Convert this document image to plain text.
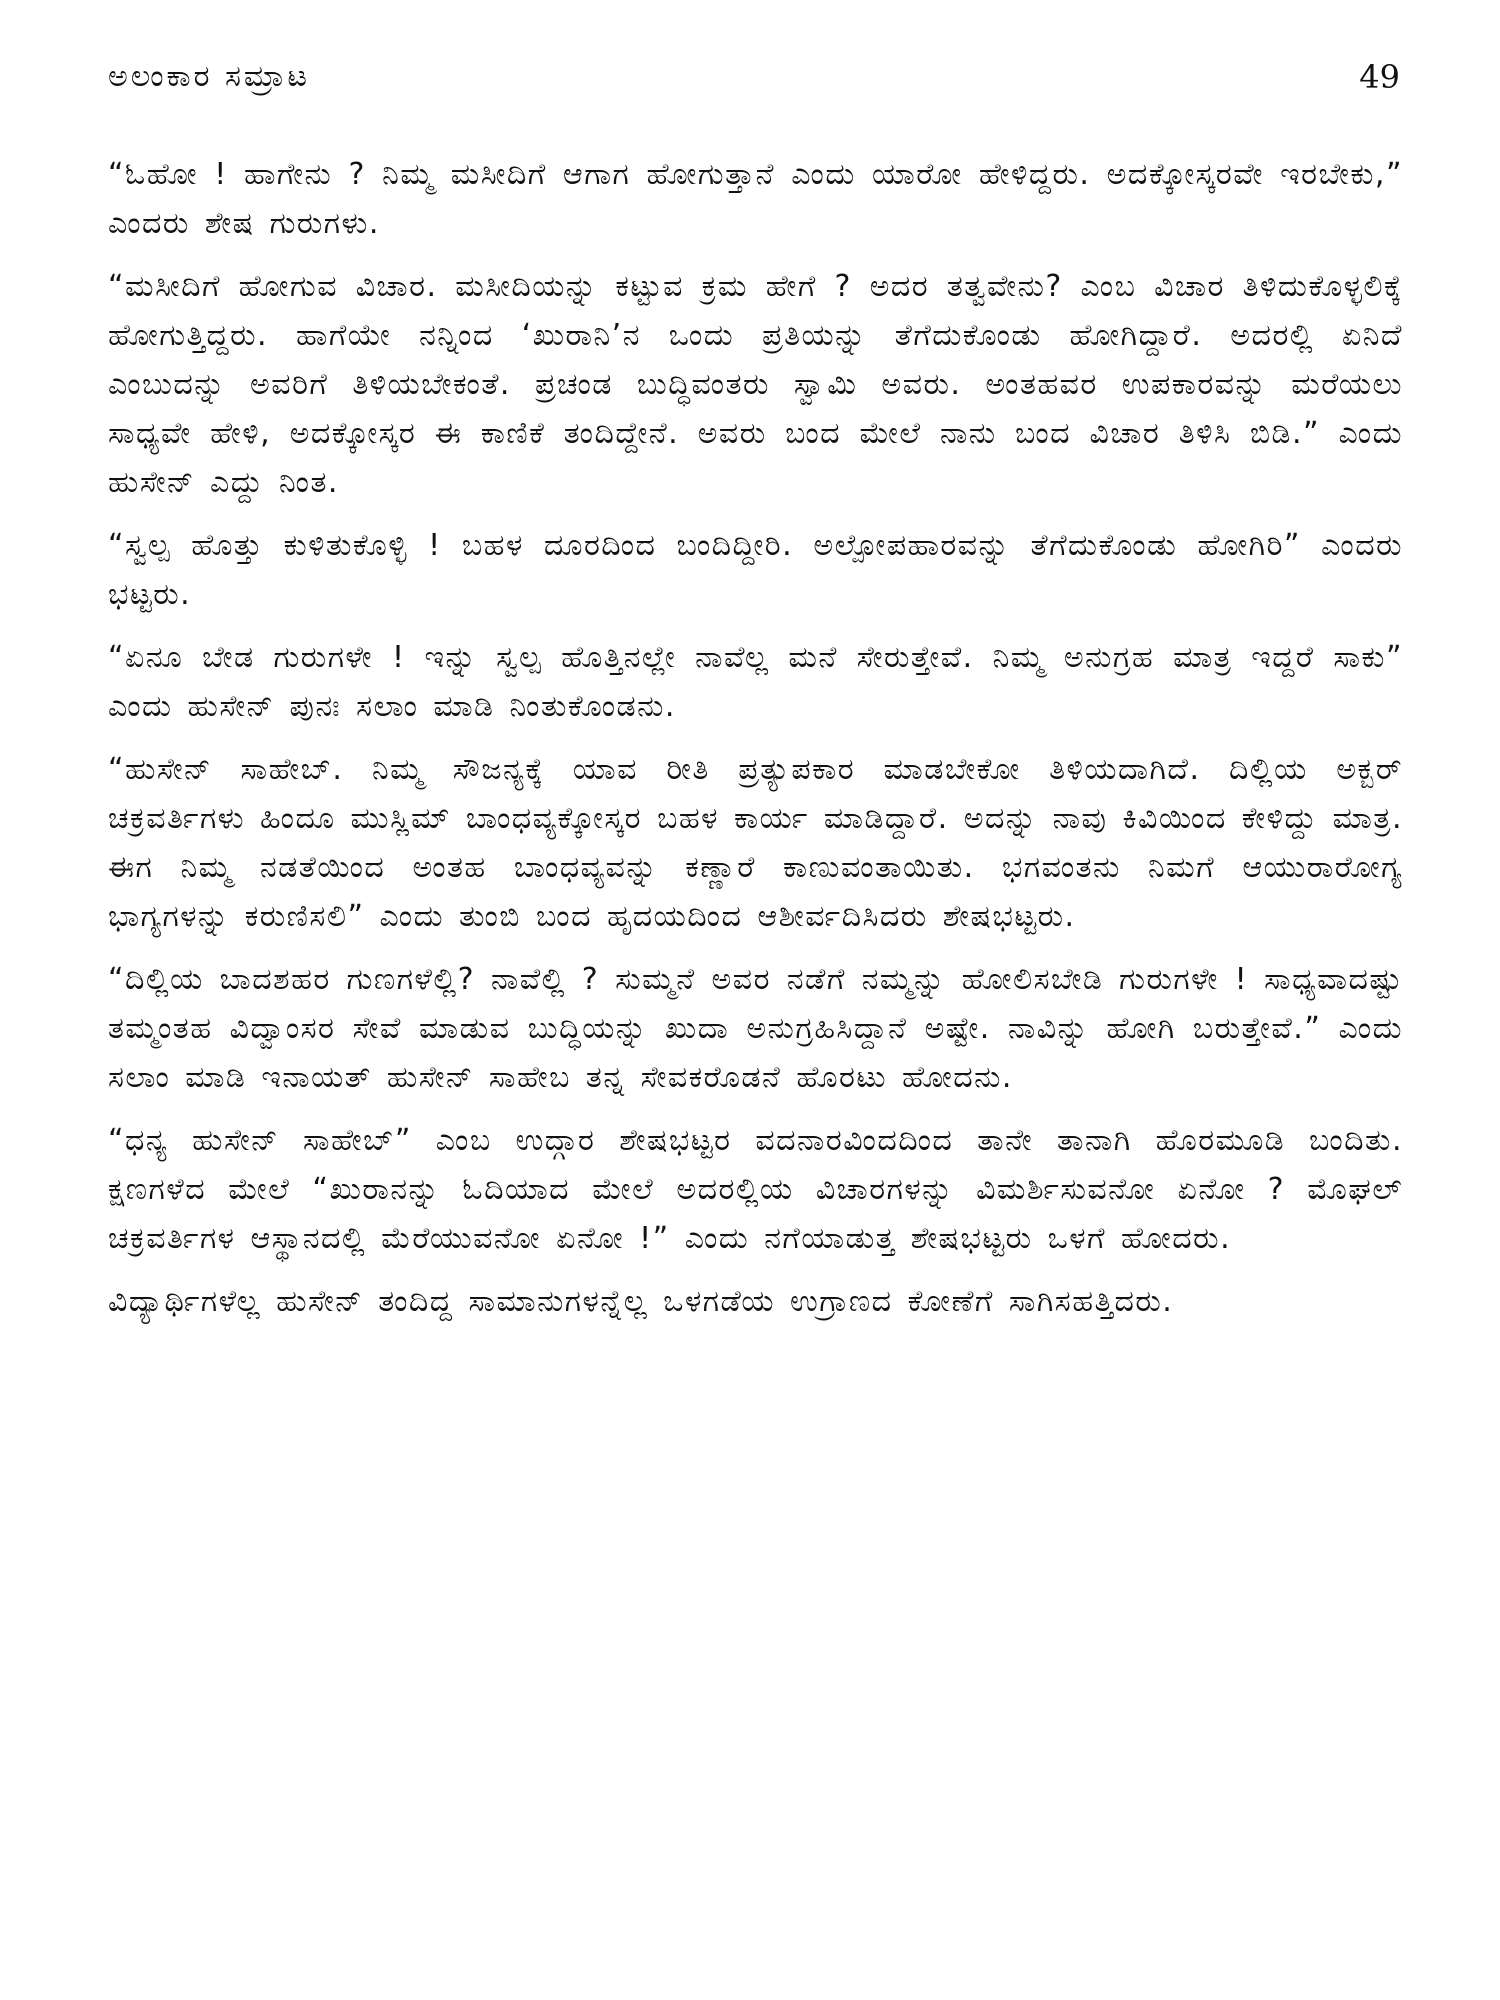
ಅಲಂಕಾರ ಸಮ್ರಾಟ	49

“ಓಹೋ ! ಹಾಗೇನು ? ನಿಮ್ಮ ಮಸೀದಿಗೆ ಆಗಾಗ ಹೋಗುತ್ತಾನೆ ಎಂದು ಯಾರೋ ಹೇಳಿದ್ದರು. ಅದಕ್ಕೋಸ್ಕರವೇ ಇರಬೇಕು,” ಎಂದರು ಶೇಷ ಗುರುಗಳು.

“ಮಸೀದಿಗೆ ಹೋಗುವ ವಿಚಾರ. ಮಸೀದಿಯನ್ನು ಕಟ್ಟುವ ಕ್ರಮ ಹೇಗೆ ? ಅದರ ತತ್ವವೇನು? ಎಂಬ ವಿಚಾರ ತಿಳಿದುಕೊಳ್ಳಲಿಕ್ಕೆ ಹೋಗುತ್ತಿದ್ದರು. ಹಾಗೆಯೇ ನನ್ನಿಂದ ‘ಖುರಾನಿ’ನ ಒಂದು ಪ್ರತಿಯನ್ನು ತೆಗೆದುಕೊಂಡು ಹೋಗಿದ್ದಾರೆ. ಅದರಲ್ಲಿ ಏನಿದೆ ಎಂಬುದನ್ನು ಅವರಿಗೆ ತಿಳಿಯಬೇಕಂತೆ. ಪ್ರಚಂಡ ಬುದ್ಧಿವಂತರು ಸ್ವಾಮಿ ಅವರು. ಅಂತಹವರ ಉಪಕಾರವನ್ನು ಮರೆಯಲು ಸಾಧ್ಯವೇ ಹೇಳಿ, ಅದಕ್ಕೋಸ್ಕರ ಈ ಕಾಣಿಕೆ ತಂದಿದ್ದೇನೆ. ಅವರು ಬಂದ ಮೇಲೆ ನಾನು ಬಂದ ವಿಚಾರ ತಿಳಿಸಿ ಬಿಡಿ.” ಎಂದು ಹುಸೇನ್ ಎದ್ದು ನಿಂತ.

“ಸ್ವಲ್ಪ ಹೊತ್ತು ಕುಳಿತುಕೊಳ್ಳಿ ! ಬಹಳ ದೂರದಿಂದ ಬಂದಿದ್ದೀರಿ. ಅಲ್ಪೋಪಹಾರವನ್ನು ತೆಗೆದುಕೊಂಡು ಹೋಗಿರಿ” ಎಂದರು ಭಟ್ಟರು.

“ಏನೂ ಬೇಡ ಗುರುಗಳೇ ! ಇನ್ನು ಸ್ವಲ್ಪ ಹೊತ್ತಿನಲ್ಲೇ ನಾವೆಲ್ಲ ಮನೆ ಸೇರುತ್ತೇವೆ. ನಿಮ್ಮ ಅನುಗ್ರಹ ಮಾತ್ರ ಇದ್ದರೆ ಸಾಕು” ಎಂದು ಹುಸೇನ್ ಪುನಃ ಸಲಾಂ ಮಾಡಿ ನಿಂತುಕೊಂಡನು.

“ಹುಸೇನ್ ಸಾಹೇಬ್. ನಿಮ್ಮ ಸೌಜನ್ಯಕ್ಕೆ ಯಾವ ರೀತಿ ಪ್ರತ್ಯುಪಕಾರ ಮಾಡಬೇಕೋ ತಿಳಿಯದಾಗಿದೆ. ದಿಲ್ಲಿಯ ಅಕ್ಬರ್ ಚಕ್ರವರ್ತಿಗಳು ಹಿಂದೂ ಮುಸ್ಲಿಮ್ ಬಾಂಧವ್ಯಕ್ಕೋಸ್ಕರ ಬಹಳ ಕಾರ್ಯ ಮಾಡಿದ್ದಾರೆ. ಅದನ್ನು ನಾವು ಕಿವಿಯಿಂದ ಕೇಳಿದ್ದು ಮಾತ್ರ. ಈಗ ನಿಮ್ಮ ನಡತೆಯಿಂದ ಅಂತಹ ಬಾಂಧವ್ಯವನ್ನು ಕಣ್ಣಾರೆ ಕಾಣುವಂತಾಯಿತು. ಭಗವಂತನು ನಿಮಗೆ ಆಯುರಾರೋಗ್ಯ ಭಾಗ್ಯಗಳನ್ನು ಕರುಣಿಸಲಿ” ಎಂದು ತುಂಬಿ ಬಂದ ಹೃದಯದಿಂದ ಆಶೀರ್ವದಿಸಿದರು ಶೇಷಭಟ್ಟರು.

“ದಿಲ್ಲಿಯ ಬಾದಶಹರ ಗುಣಗಳೆಲ್ಲಿ? ನಾವೆಲ್ಲಿ ? ಸುಮ್ಮನೆ ಅವರ ನಡೆಗೆ ನಮ್ಮನ್ನು ಹೋಲಿಸಬೇಡಿ ಗುರುಗಳೇ ! ಸಾಧ್ಯವಾದಷ್ಟು ತಮ್ಮಂತಹ ವಿದ್ವಾಂಸರ ಸೇವೆ ಮಾಡುವ ಬುದ್ಧಿಯನ್ನು ಖುದಾ ಅನುಗ್ರಹಿಸಿದ್ದಾನೆ ಅಷ್ಟೇ. ನಾವಿನ್ನು ಹೋಗಿ ಬರುತ್ತೇವೆ.” ಎಂದು ಸಲಾಂ ಮಾಡಿ ಇನಾಯತ್ ಹುಸೇನ್ ಸಾಹೇಬ ತನ್ನ ಸೇವಕರೊಡನೆ ಹೊರಟು ಹೋದನು.

“ಧನ್ಯ ಹುಸೇನ್ ಸಾಹೇಬ್” ಎಂಬ ಉದ್ಗಾರ ಶೇಷಭಟ್ಟರ ವದನಾರವಿಂದದಿಂದ ತಾನೇ ತಾನಾಗಿ ಹೊರಮೂಡಿ ಬಂದಿತು. ಕ್ಷಣಗಳೆದ ಮೇಲೆ “ಖುರಾನನ್ನು ಓದಿಯಾದ ಮೇಲೆ ಅದರಲ್ಲಿಯ ವಿಚಾರಗಳನ್ನು ವಿಮರ್ಶಿಸುವನೋ ಏನೋ ? ಮೊಘಲ್ ಚಕ್ರವರ್ತಿಗಳ ಆಸ್ಥಾನದಲ್ಲಿ ಮೆರೆಯುವನೋ ಏನೋ !” ಎಂದು ನಗೆಯಾಡುತ್ತ ಶೇಷಭಟ್ಟರು ಒಳಗೆ ಹೋದರು.

ವಿದ್ಯಾರ್ಥಿಗಳೆಲ್ಲ ಹುಸೇನ್ ತಂದಿದ್ದ ಸಾಮಾನುಗಳನ್ನೆಲ್ಲ ಒಳಗಡೆಯ ಉಗ್ರಾಣದ ಕೋಣೆಗೆ ಸಾಗಿಸಹತ್ತಿದರು.
